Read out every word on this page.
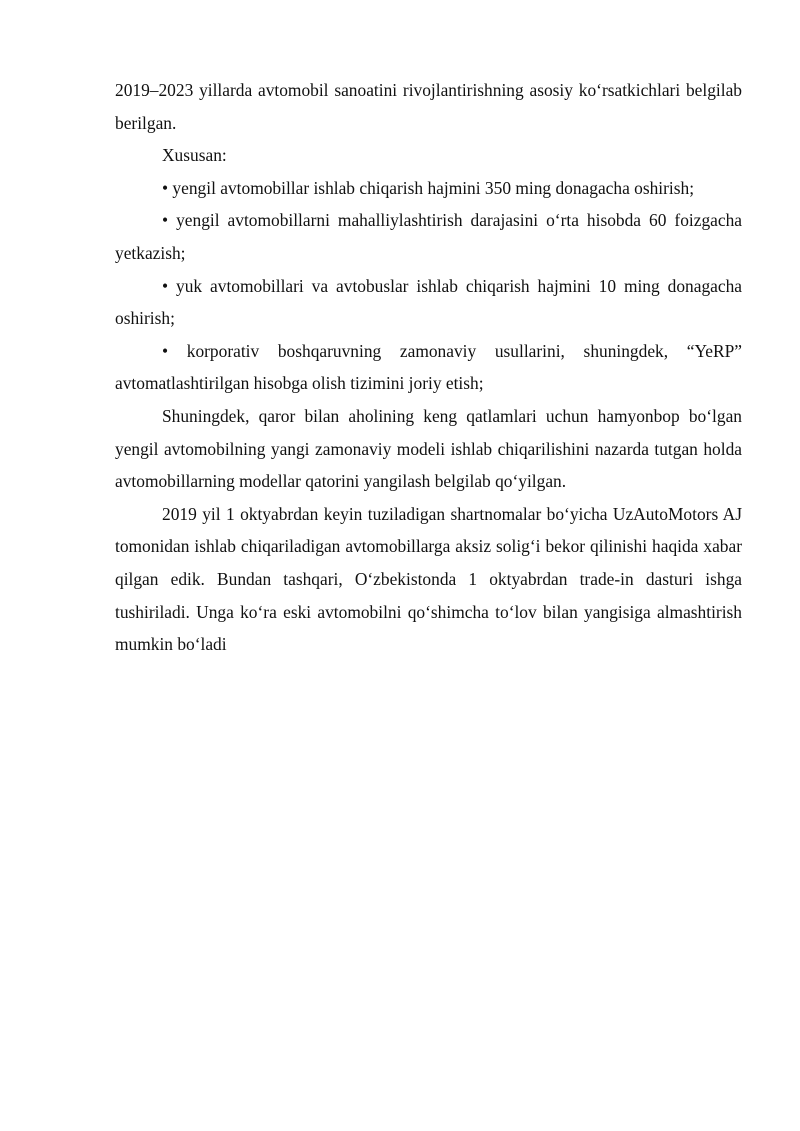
2019–2023 yillarda avtomobil sanoatini rivojlantirishning asosiy ko‘rsatkichlari belgilab berilgan.

Xususan:

• yengil avtomobillar ishlab chiqarish hajmini 350 ming donagacha oshirish;

• yengil avtomobillarni mahalliylashtirish darajasini o‘rta hisobda 60 foizgacha yetkazish;

• yuk avtomobillari va avtobuslar ishlab chiqarish hajmini 10 ming donagacha oshirish;

• korporativ boshqaruvning zamonaviy usullarini, shuningdek, “YeRP” avtomatlashtirilgan hisobga olish tizimini joriy etish;

Shuningdek, qaror bilan aholining keng qatlamlari uchun hamyonbop bo‘lgan yengil avtomobilning yangi zamonaviy modeli ishlab chiqarilishini nazarda tutgan holda avtomobillarning modellar qatorini yangilash belgilab qo‘yilgan.

2019 yil 1 oktyabrdan keyin tuziladigan shartnomalar bo‘yicha UzAutoMotors AJ tomonidan ishlab chiqariladigan avtomobillarga aksiz solig‘i bekor qilinishi haqida xabar qilgan edik. Bundan tashqari, O‘zbekistonda 1 oktyabrdan trade-in dasturi ishga tushiriladi. Unga ko‘ra eski avtomobilni qo‘shimcha to‘lov bilan yangisiga almashtirish mumkin bo‘ladi
